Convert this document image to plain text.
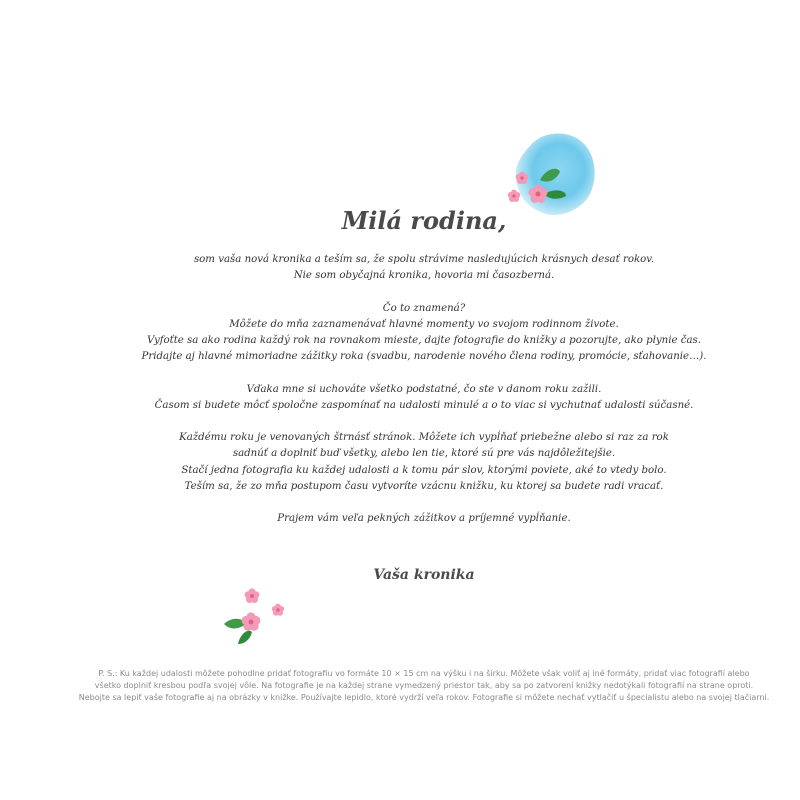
Milá rodina,

som vaša nová kronika a teším sa, že spolu strávime nasledujúcich krásnych desať rokov.
Nie som obyčajná kronika, hovoria mi časozberná.

Čo to znamená?
Môžete do mňa zaznamenávať hlavné momenty vo svojom rodinnom živote.
Vyfoťte sa ako rodina každý rok na rovnakom mieste, dajte fotografie do knižky a pozorujte, ako plynie čas.
Pridajte aj hlavné mimoriadne zážitky roka (svadbu, narodenie nového člena rodiny, promócie, sťahovanie…).

Vďaka mne si uchováte všetko podstatné, čo ste v danom roku zažili.
Časom si budete môcť spoločne zaspomínať na udalosti minulé a o to viac si vychutnať udalosti súčasné.

Každému roku je venovaných štrnásť stránok. Môžete ich vypĺňať priebežne alebo si raz za rok
sadnúť a doplniť buď všetky, alebo len tie, ktoré sú pre vás najdôležitejšie.
Stačí jedna fotografia ku každej udalosti a k tomu pár slov, ktorými poviete, aké to vtedy bolo.
Teším sa, že zo mňa postupom času vytvoríte vzácnu knižku, ku ktorej sa budete radi vracať.

Prajem vám veľa pekných zážitkov a príjemné vypĺňanie.

Vaša kronika
P. S.: Ku každej udalosti môžete pohodlne pridať fotografiu vo formáte 10 × 15 cm na výšku i na šírku. Môžete však voliť aj iné formáty, pridať viac fotografií alebo
všetko doplniť kresbou podľa svojej vôle. Na fotografie je na každej strane vymedzený priestor tak, aby sa po zatvorení knižky nedotýkali fotografií na strane oproti.
Nebojte sa lepiť vaše fotografie aj na obrázky v knižke. Používajte lepidlo, ktoré vydrží veľa rokov. Fotografie si môžete nechať vytlačiť u špecialistu alebo na svojej tlačiarni.
